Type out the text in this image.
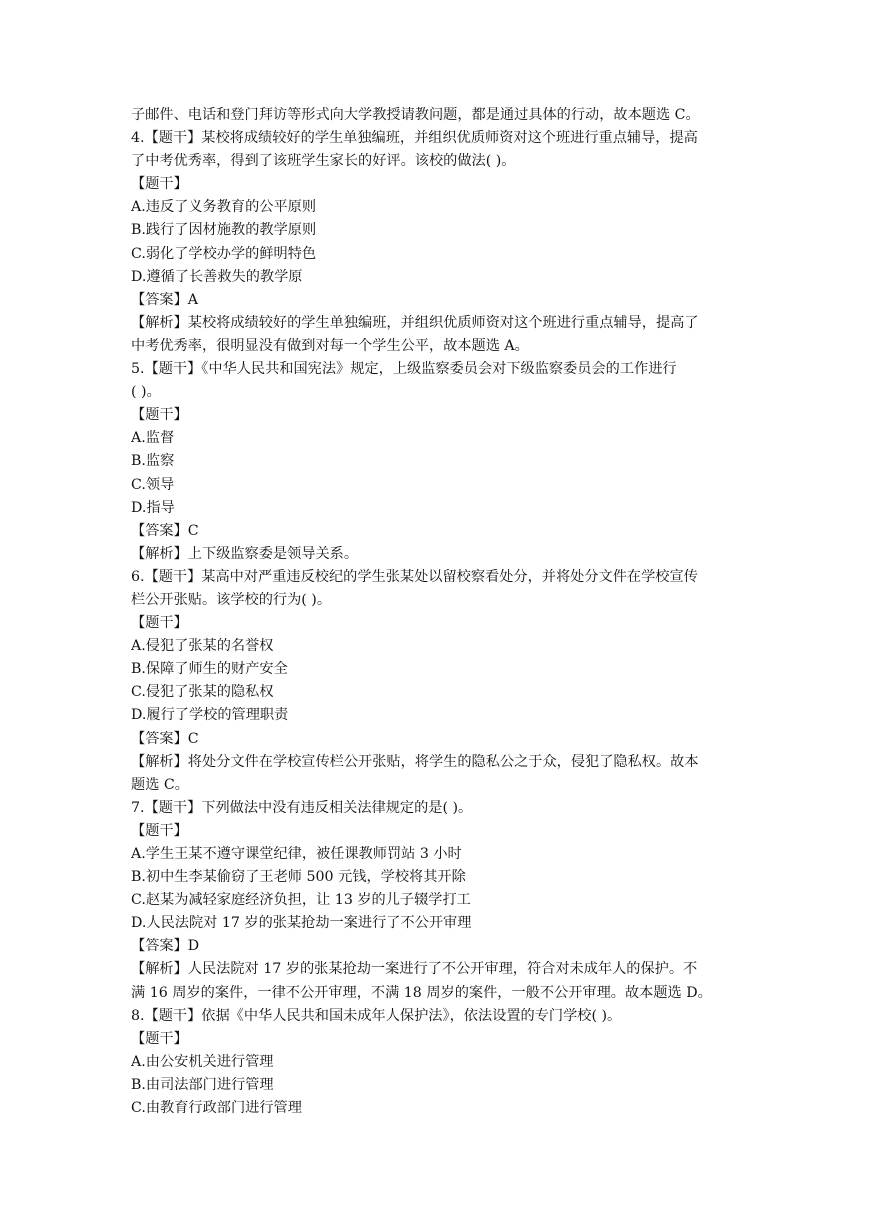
子邮件、电话和登门拜访等形式向大学教授请教问题，都是通过具体的行动，故本题选 C。
4.【题干】某校将成绩较好的学生单独编班，并组织优质师资对这个班进行重点辅导，提高
了中考优秀率，得到了该班学生家长的好评。该校的做法( )。
【题干】
A.违反了义务教育的公平原则
B.践行了因材施教的教学原则
C.弱化了学校办学的鲜明特色
D.遵循了长善救失的教学原
【答案】A
【解析】某校将成绩较好的学生单独编班，并组织优质师资对这个班进行重点辅导，提高了
中考优秀率，很明显没有做到对每一个学生公平，故本题选 A。
5.【题干】《中华人民共和国宪法》规定，上级监察委员会对下级监察委员会的工作进行
( )。
【题干】
A.监督
B.监察
C.领导
D.指导
【答案】C
【解析】上下级监察委是领导关系。
6.【题干】某高中对严重违反校纪的学生张某处以留校察看处分，并将处分文件在学校宣传
栏公开张贴。该学校的行为( )。
【题干】
A.侵犯了张某的名誉权
B.保障了师生的财产安全
C.侵犯了张某的隐私权
D.履行了学校的管理职责
【答案】C
【解析】将处分文件在学校宣传栏公开张贴，将学生的隐私公之于众，侵犯了隐私权。故本
题选 C。
7.【题干】下列做法中没有违反相关法律规定的是( )。
【题干】
A.学生王某不遵守课堂纪律，被任课教师罚站 3 小时
B.初中生李某偷窃了王老师 500 元钱，学校将其开除
C.赵某为减轻家庭经济负担，让 13 岁的儿子辍学打工
D.人民法院对 17 岁的张某抢劫一案进行了不公开审理
【答案】D
【解析】人民法院对 17 岁的张某抢劫一案进行了不公开审理，符合对未成年人的保护。不
满 16 周岁的案件，一律不公开审理，不满 18 周岁的案件，一般不公开审理。故本题选 D。
8.【题干】依据《中华人民共和国未成年人保护法》，依法设置的专门学校( )。
【题干】
A.由公安机关进行管理
B.由司法部门进行管理
C.由教育行政部门进行管理
